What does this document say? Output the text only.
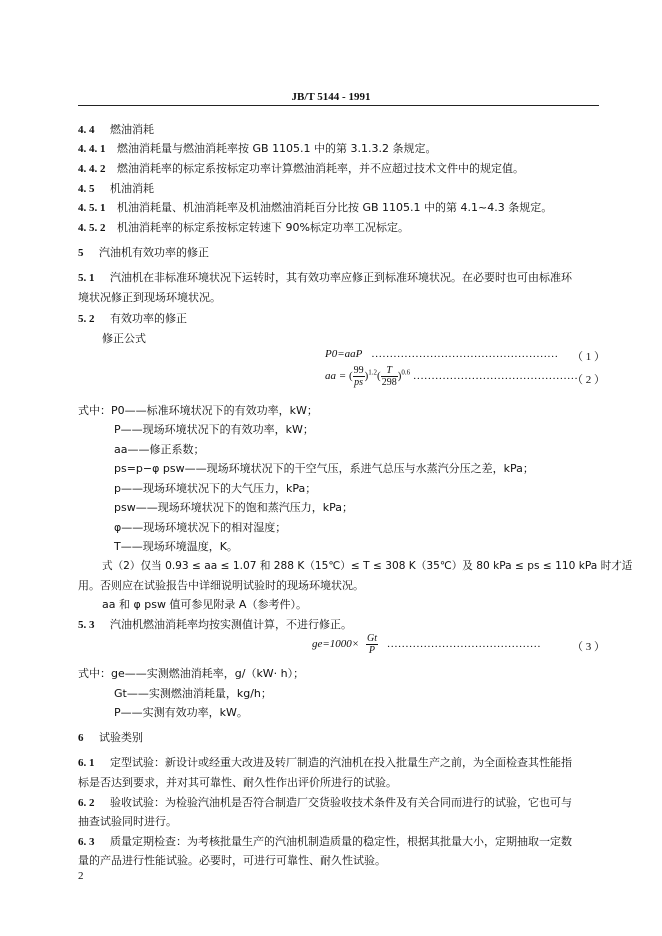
JB/T 5144 - 1991
4. 4 燃油消耗
4. 4. 1 燃油消耗量与燃油消耗率按 GB 1105.1 中的第 3.1.3.2 条规定。
4. 4. 2 燃油消耗率的标定系按标定功率计算燃油消耗率，并不应超过技术文件中的规定值。
4. 5 机油消耗
4. 5. 1 机油消耗量、机油消耗率及机油燃油消耗百分比按 GB 1105.1 中的第 4.1~4.3 条规定。
4. 5. 2 机油消耗率的标定系按标定转速下 90%标定功率工况标定。
5 汽油机有效功率的修正
5. 1 汽油机在非标准环境状况下运转时，其有效功率应修正到标准环境状况。在必要时也可由标准环
境状况修正到现场环境状况。
5. 2 有效功率的修正
修正公式
P0=aaP …………………………………………… （ 1 ）
aa = ( $\frac{99}{ps} )^{1.2}( \frac{T}{298} )^{0.6}$ ………………………………………
（ 2 ）
式中：P0——标准环境状况下的有效功率，kW；
P——现场环境状况下的有效功率，kW；
aa——修正系数；
ps=p−φ psw——现场环境状况下的干空气压，系进气总压与水蒸汽分压之差，kPa；
p——现场环境状况下的大气压力，kPa；
psw——现场环境状况下的饱和蒸汽压力，kPa；
φ——现场环境状况下的相对湿度；
T——现场环境温度，K。
式（2）仅当 0.93 ≤ aa ≤ 1.07 和 288 K（15℃）≤ T ≤ 308 K（35℃）及 80 kPa ≤ ps ≤ 110 kPa 时才适
用。否则应在试验报告中详细说明试验时的现场环境状况。
aa 和 φ psw 值可参见附录 A（参考件）。
5. 3 汽油机燃油消耗率均按实测值计算，不进行修正。
$ge=1000\times \frac{Gt}{P}$ ……………………………………	（ 3 ）
式中：ge——实测燃油消耗率，g/（kW· h）；
Gt——实测燃油消耗量，kg/h；
P——实测有效功率，kW。
6 试验类别
6. 1 定型试验：新设计或经重大改进及转厂制造的汽油机在投入批量生产之前，为全面检查其性能指
标是否达到要求，并对其可靠性、耐久性作出评价所进行的试验。
6. 2 验收试验：为检验汽油机是否符合制造厂交货验收技术条件及有关合同而进行的试验，它也可与
抽查试验同时进行。
6. 3 质量定期检查：为考核批量生产的汽油机制造质量的稳定性，根据其批量大小，定期抽取一定数
量的产品进行性能试验。必要时，可进行可靠性、耐久性试验。
2
